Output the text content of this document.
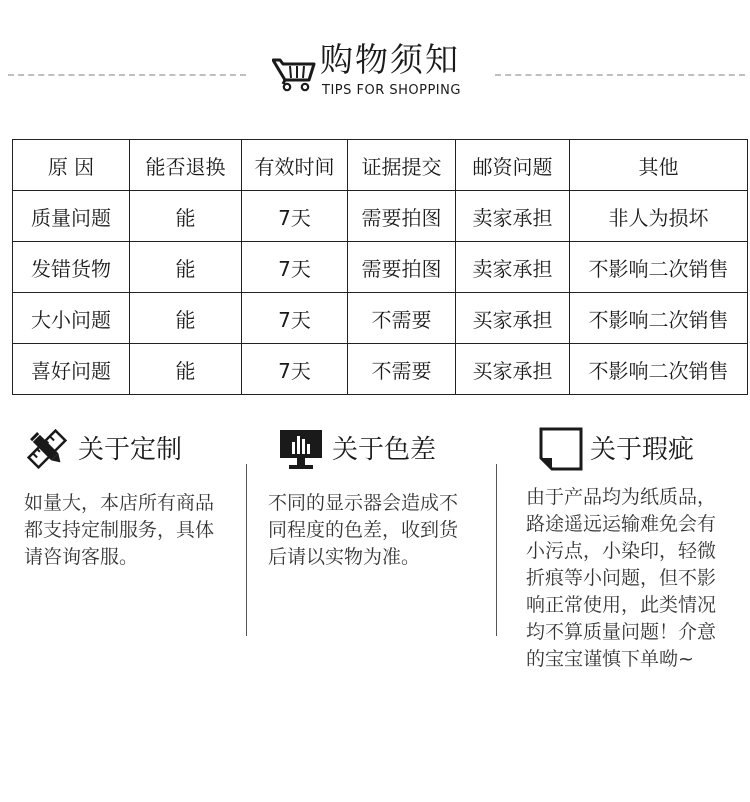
购物须知
TIPS FOR SHOPPING
原 因	能否退换	有效时间	证据提交	邮资问题	其他
质量问题	能	7天	需要拍图	卖家承担	非人为损坏
发错货物	能	7天	需要拍图	卖家承担	不影响二次销售
大小问题	能	7天	不需要	买家承担	不影响二次销售
喜好问题	能	7天	不需要	买家承担	不影响二次销售
关于定制
如量大，本店所有商品
都支持定制服务，具体
请咨询客服。
关于色差
不同的显示器会造成不
同程度的色差，收到货
后请以实物为准。
关于瑕疵
由于产品均为纸质品，
路途遥远运输难免会有
小污点，小染印，轻微
折痕等小问题，但不影
响正常使用，此类情况
均不算质量问题！介意
的宝宝谨慎下单呦~
